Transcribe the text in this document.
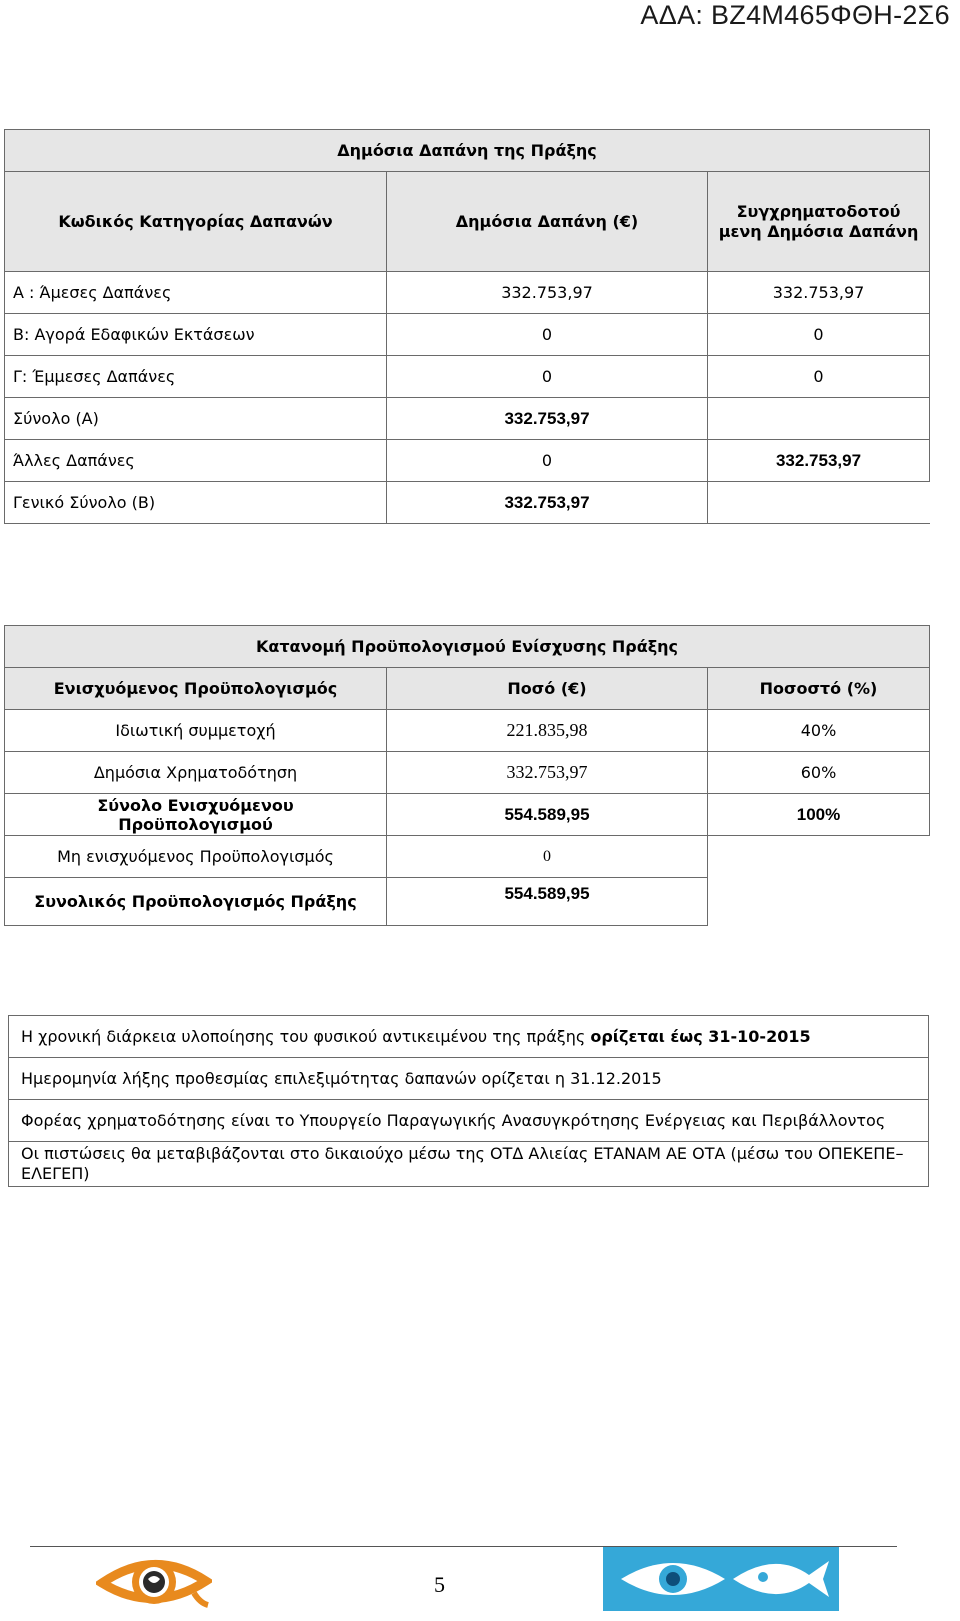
ΑΔΑ: ΒΖ4Μ465ΦΘΗ-2Σ6
Δημόσια Δαπάνη της Πράξης		
Κωδικός Κατηγορίας Δαπανών	Δημόσια Δαπάνη (€)	Συγχρηματοδοτού μενη Δημόσια Δαπάνη
Α : Άμεσες Δαπάνες	332.753,97	332.753,97
Β: Αγορά Εδαφικών Εκτάσεων	0	0
Γ: Έμμεσες Δαπάνες	0	0
Σύνολο (Α)	332.753,97	
Άλλες Δαπάνες	0	332.753,97
Γενικό Σύνολο (Β)	332.753,97	
Κατανομή Προϋπολογισμού Ενίσχυσης Πράξης		
Ενισχυόμενος Προϋπολογισμός	Ποσό (€)	Ποσοστό (%)
Ιδιωτική συμμετοχή	221.835,98	40%
Δημόσια Χρηματοδότηση	332.753,97	60%
Σύνολο Ενισχυόμενου Προϋπολογισμού	554.589,95	100%
Μη ενισχυόμενος Προϋπολογισμός	0	
Συνολικός Προϋπολογισμός Πράξης	554.589,95	
Η χρονική διάρκεια υλοποίησης του φυσικού αντικειμένου της πράξης ορίζεται έως 31-10-2015
Ημερομηνία λήξης προθεσμίας επιλεξιμότητας δαπανών ορίζεται η 31.12.2015
Φορέας χρηματοδότησης είναι το Υπουργείο Παραγωγικής Ανασυγκρότησης Ενέργειας και Περιβάλλοντος
Οι πιστώσεις θα μεταβιβάζονται στο δικαιούχο μέσω της ΟΤΔ Αλιείας ΕΤΑΝΑΜ ΑΕ ΟΤΑ (μέσω του ΟΠΕΚΕΠΕ–ΕΛΕΓΕΠ)
5
